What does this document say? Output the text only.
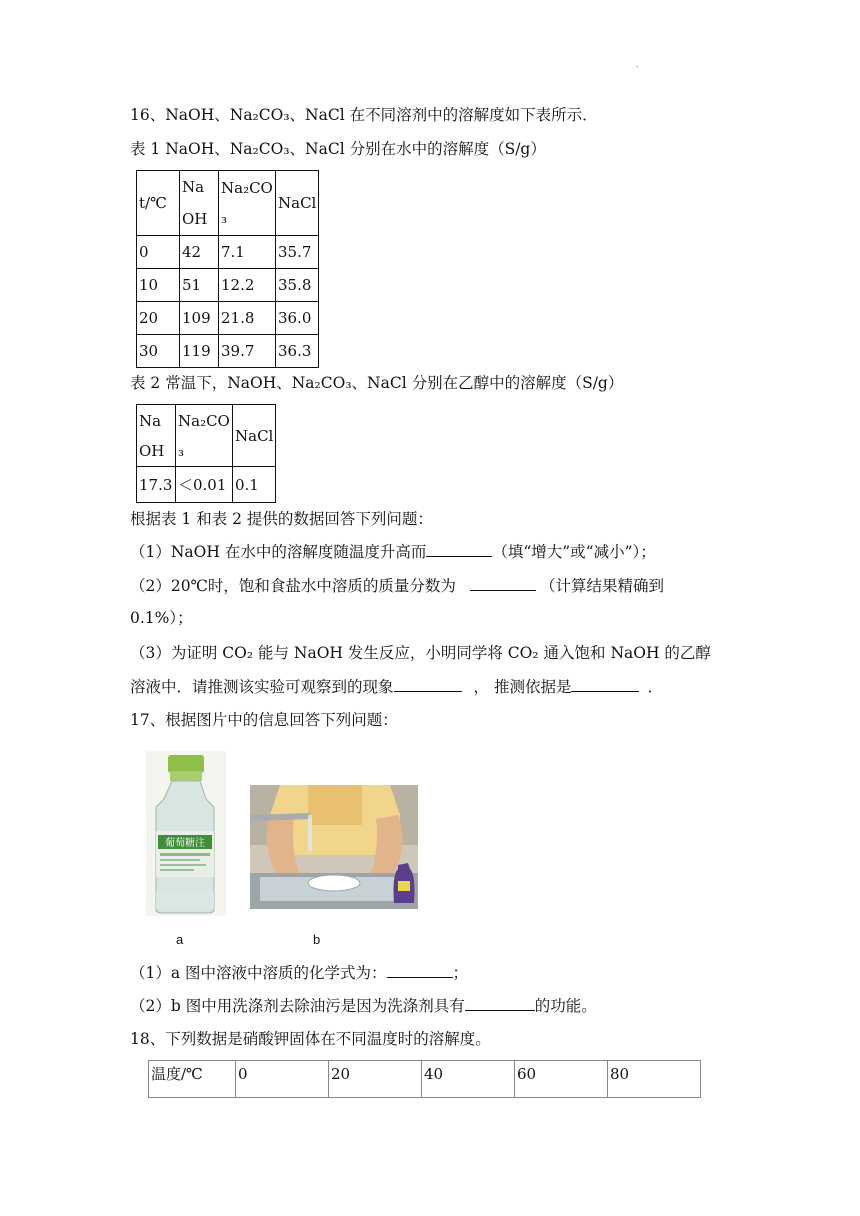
.
16、NaOH、Na₂CO₃、NaCl 在不同溶剂中的溶解度如下表所示．
表 1 NaOH、Na₂CO₃、NaCl 分别在水中的溶解度（S/g）
t/℃	NaOH	Na₂CO₃	NaCl
0	42	7.1	35.7
10	51	12.2	35.8
20	109	21.8	36.0
30	119	39.7	36.3
表 2 常温下，NaOH、Na₂CO₃、NaCl 分别在乙醇中的溶解度（S/g）
NaOH	Na₂CO₃	NaCl
17.3	＜0.01	0.1
根据表 1 和表 2 提供的数据回答下列问题：
（1）NaOH 在水中的溶解度随温度升高而	（填“增大”或“减小”）；
（2）20℃时，饱和食盐水中溶质的质量分数为	（计算结果精确到
0.1%）；
（3）为证明 CO₂ 能与 NaOH 发生反应，小明同学将 CO₂ 通入饱和 NaOH 的乙醇
溶液中．请推测该实验可观察到的现象	， 推测依据是	．
17、根据图片中的信息回答下列问题：
葡萄糖注
a	b
（1）a 图中溶液中溶质的化学式为：	；
（2）b 图中用洗涤剂去除油污是因为洗涤剂具有	的功能。
18、下列数据是硝酸钾固体在不同温度时的溶解度。
温度/℃	0	20	40	60	80
